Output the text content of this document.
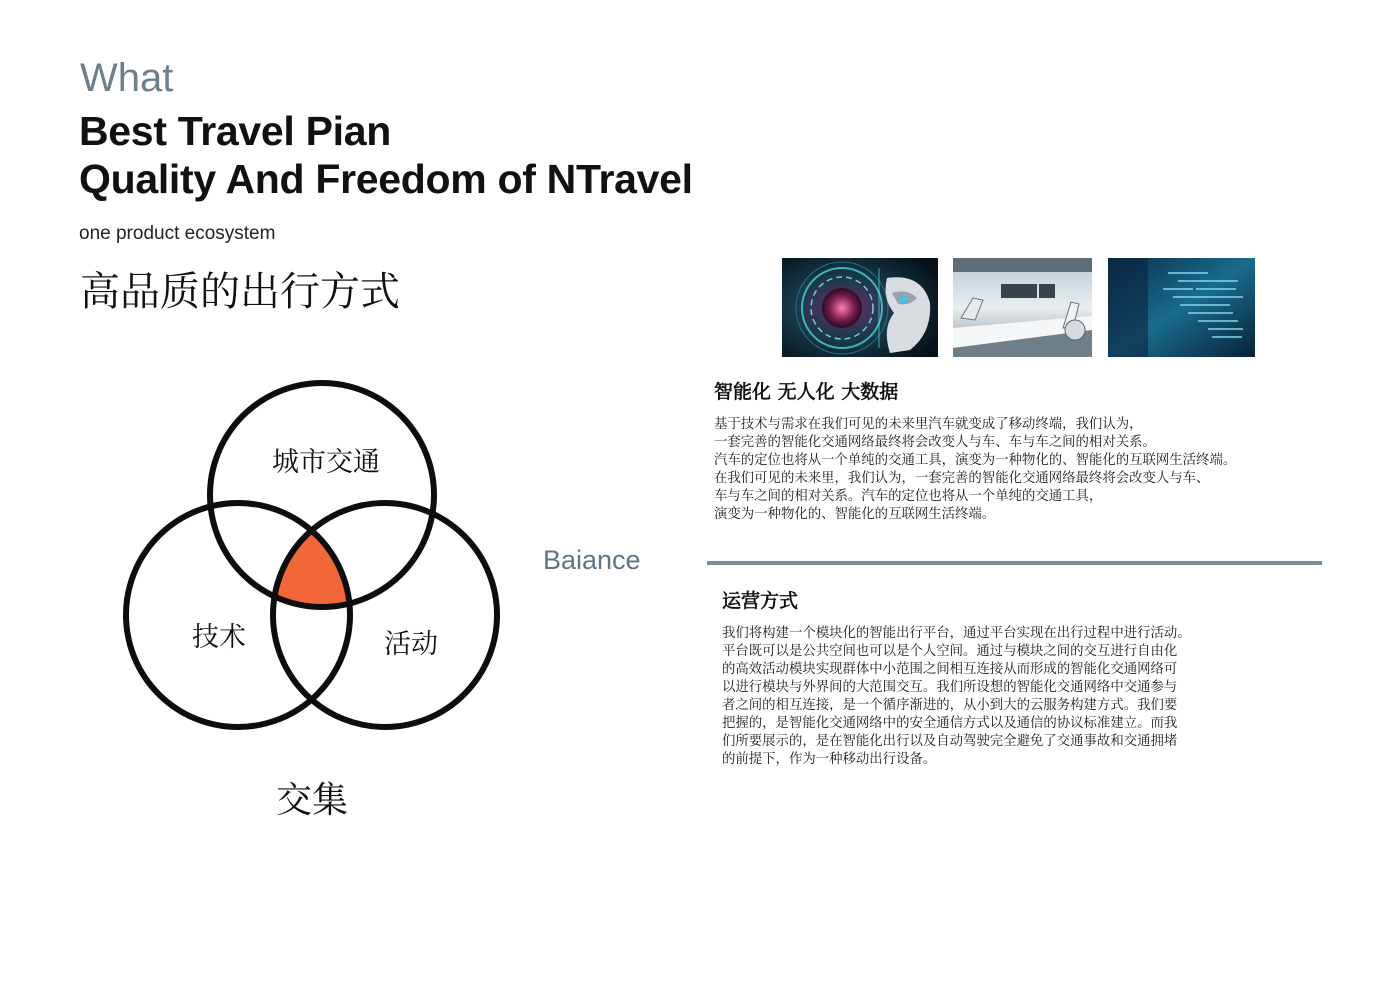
What
Best Travel Pian
Quality And Freedom of NTravel
one product ecosystem
高品质的出行方式
城市交通
技术	活动
交集
Baiance
智能化 无人化 大数据
基于技术与需求在我们可见的未来里汽车就变成了移动终端，我们认为，
一套完善的智能化交通网络最终将会改变人与车、车与车之间的相对关系。
汽车的定位也将从一个单纯的交通工具，演变为一种物化的、智能化的互联网生活终端。
在我们可见的未来里，我们认为，一套完善的智能化交通网络最终将会改变人与车、
车与车之间的相对关系。汽车的定位也将从一个单纯的交通工具，
演变为一种物化的、智能化的互联网生活终端。
运营方式
我们将构建一个模块化的智能出行平台，通过平台实现在出行过程中进行活动。
平台既可以是公共空间也可以是个人空间。通过与模块之间的交互进行自由化
的高效活动模块实现群体中小范围之间相互连接从而形成的智能化交通网络可
以进行模块与外界间的大范围交互。我们所设想的智能化交通网络中交通参与
者之间的相互连接，是一个循序渐进的，从小到大的云服务构建方式。我们要
把握的，是智能化交通网络中的安全通信方式以及通信的协议标准建立。而我
们所要展示的，是在智能化出行以及自动驾驶完全避免了交通事故和交通拥堵
的前提下，作为一种移动出行设备。
